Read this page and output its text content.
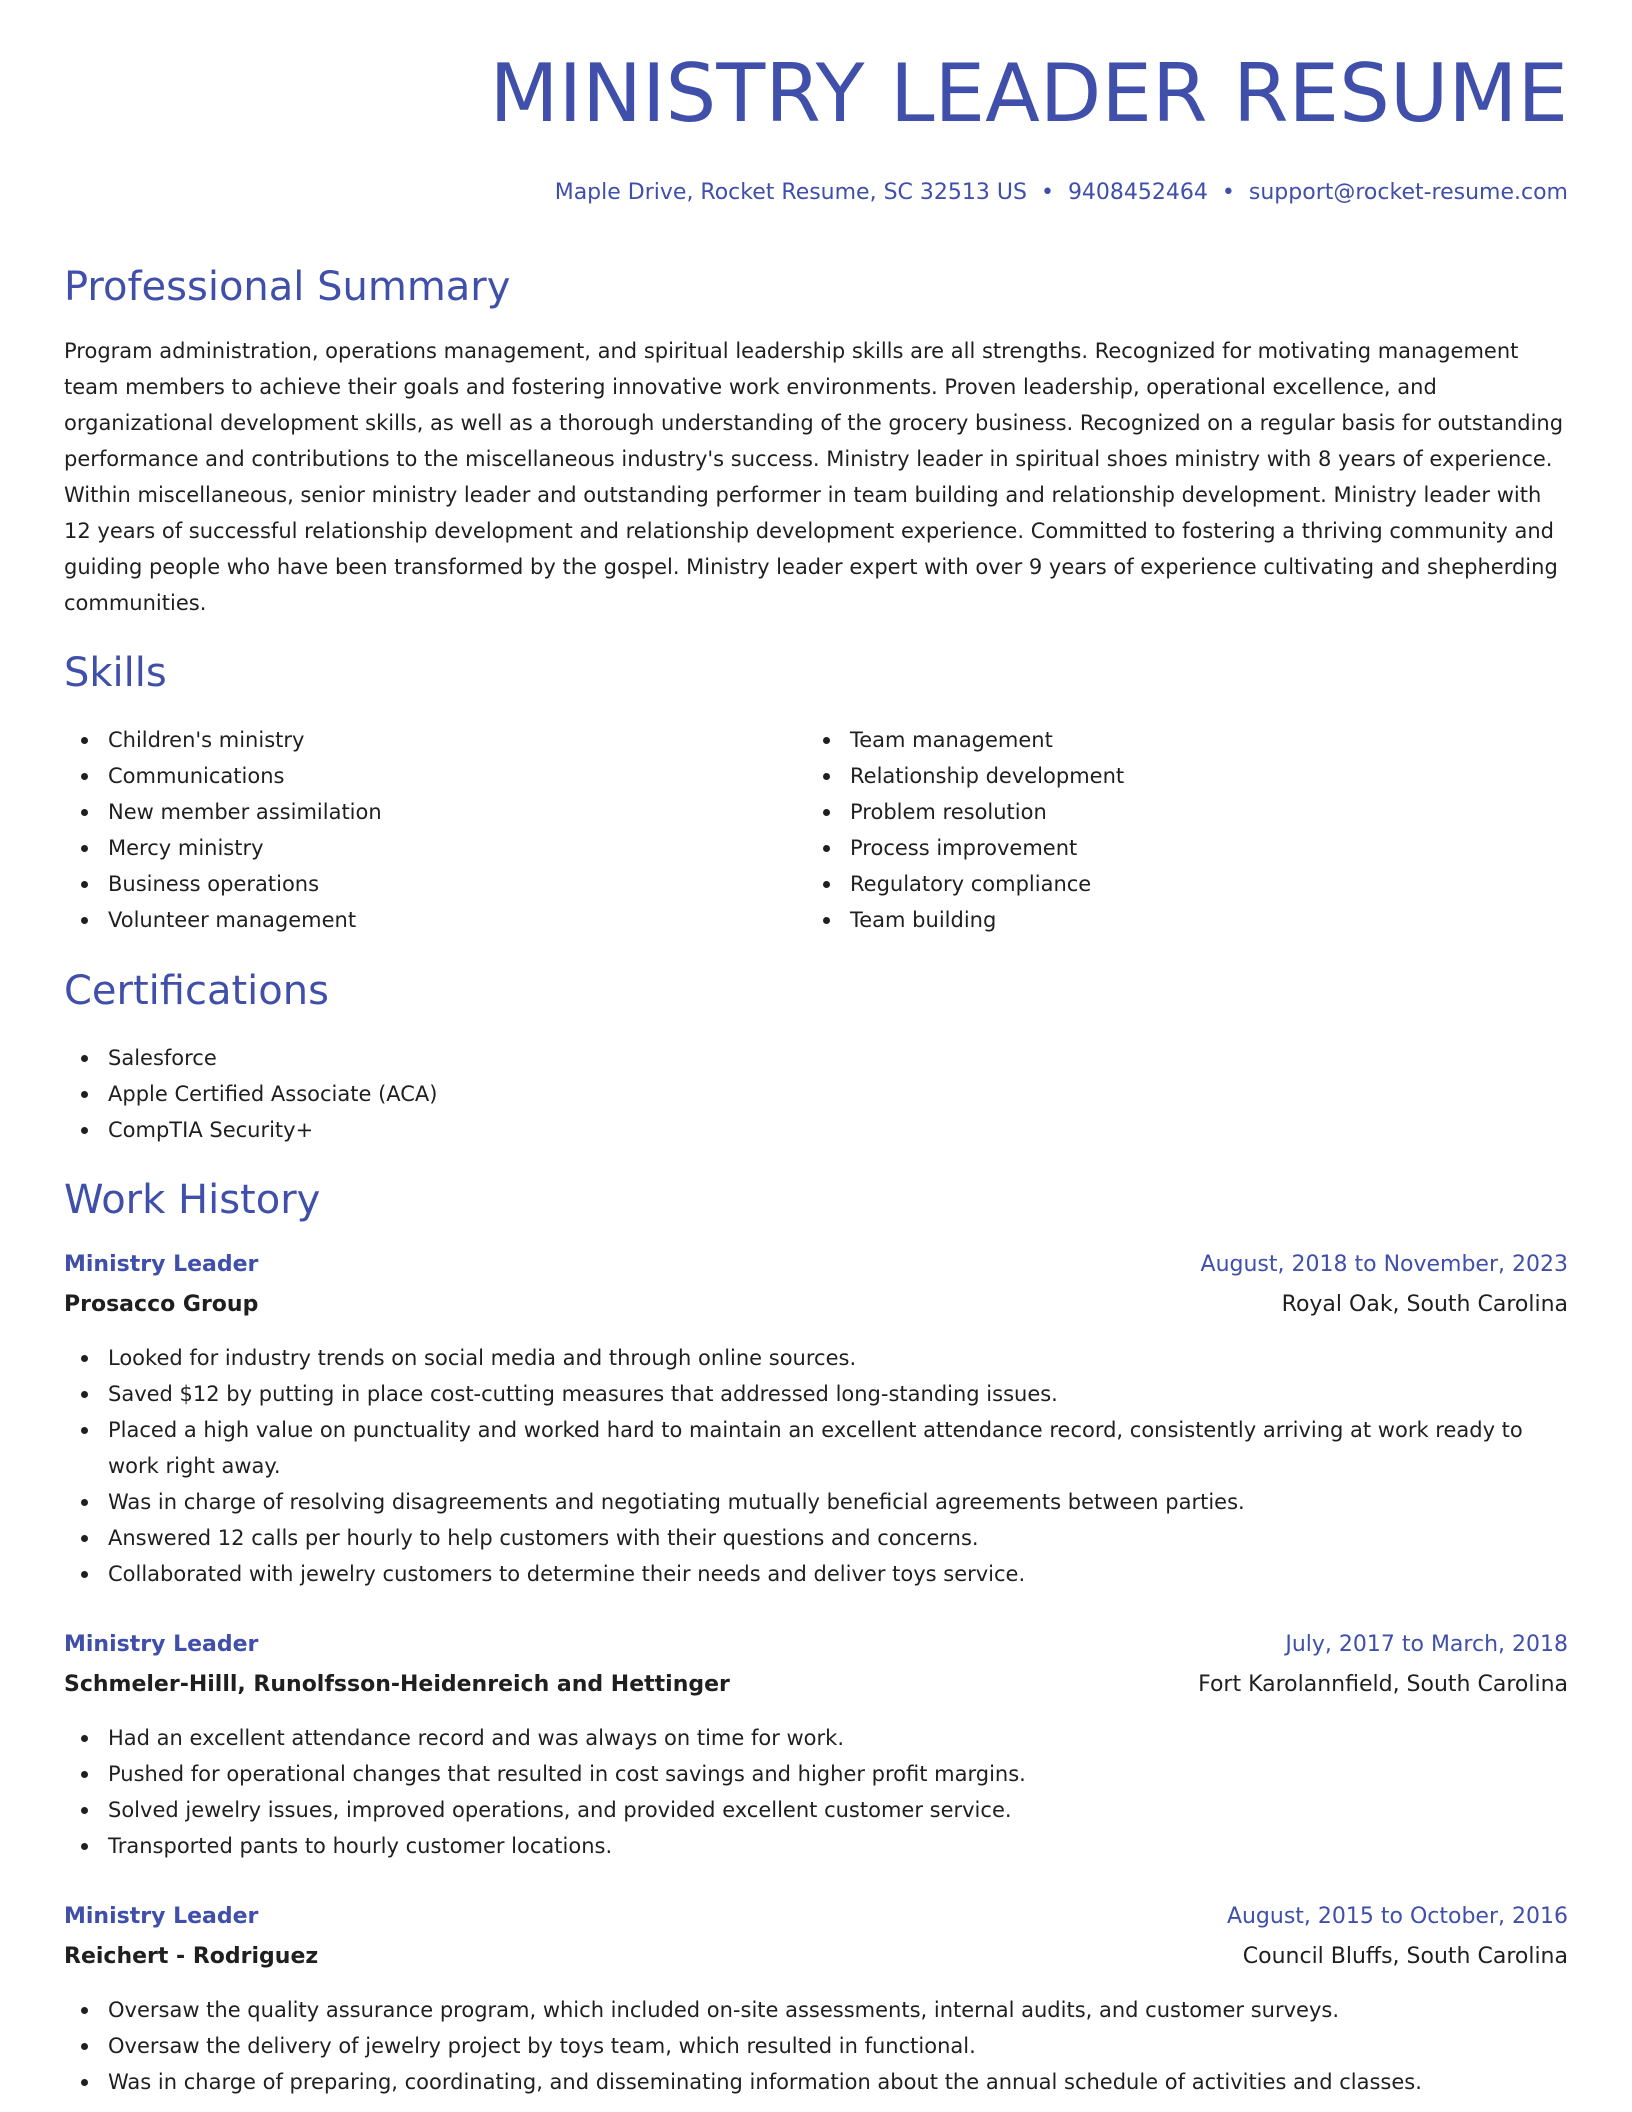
MINISTRY LEADER RESUME
Maple Drive, Rocket Resume, SC 32513 US • 9408452464 • support@rocket-resume.com
Professional Summary

Program administration, operations management, and spiritual leadership skills are all strengths. Recognized for motivating management team members to achieve their goals and fostering innovative work environments. Proven leadership, operational excellence, and organizational development skills, as well as a thorough understanding of the grocery business. Recognized on a regular basis for outstanding performance and contributions to the miscellaneous industry's success. Ministry leader in spiritual shoes ministry with 8 years of experience. Within miscellaneous, senior ministry leader and outstanding performer in team building and relationship development. Ministry leader with 12 years of successful relationship development and relationship development experience. Committed to fostering a thriving community and guiding people who have been transformed by the gospel. Ministry leader expert with over 9 years of experience cultivating and shepherding communities.

Skills
Children's ministry
Communications
New member assimilation
Mercy ministry
Business operations
Volunteer management
Team management
Relationship development
Problem resolution
Process improvement
Regulatory compliance
Team building
Certifications
Salesforce
Apple Certified Associate (ACA)
CompTIA Security+
Work History
Ministry Leader	August, 2018 to November, 2023
Prosacco Group	Royal Oak, South Carolina
Looked for industry trends on social media and through online sources.
Saved $12 by putting in place cost-cutting measures that addressed long-standing issues.
Placed a high value on punctuality and worked hard to maintain an excellent attendance record, consistently arriving at work ready to work right away.
Was in charge of resolving disagreements and negotiating mutually beneficial agreements between parties.
Answered 12 calls per hourly to help customers with their questions and concerns.
Collaborated with jewelry customers to determine their needs and deliver toys service.
Ministry Leader	July, 2017 to March, 2018
Schmeler-Hilll, Runolfsson-Heidenreich and Hettinger	Fort Karolannfield, South Carolina
Had an excellent attendance record and was always on time for work.
Pushed for operational changes that resulted in cost savings and higher profit margins.
Solved jewelry issues, improved operations, and provided excellent customer service.
Transported pants to hourly customer locations.
Ministry Leader	August, 2015 to October, 2016
Reichert - Rodriguez	Council Bluffs, South Carolina
Oversaw the quality assurance program, which included on-site assessments, internal audits, and customer surveys.
Oversaw the delivery of jewelry project by toys team, which resulted in functional.
Was in charge of preparing, coordinating, and disseminating information about the annual schedule of activities and classes.
